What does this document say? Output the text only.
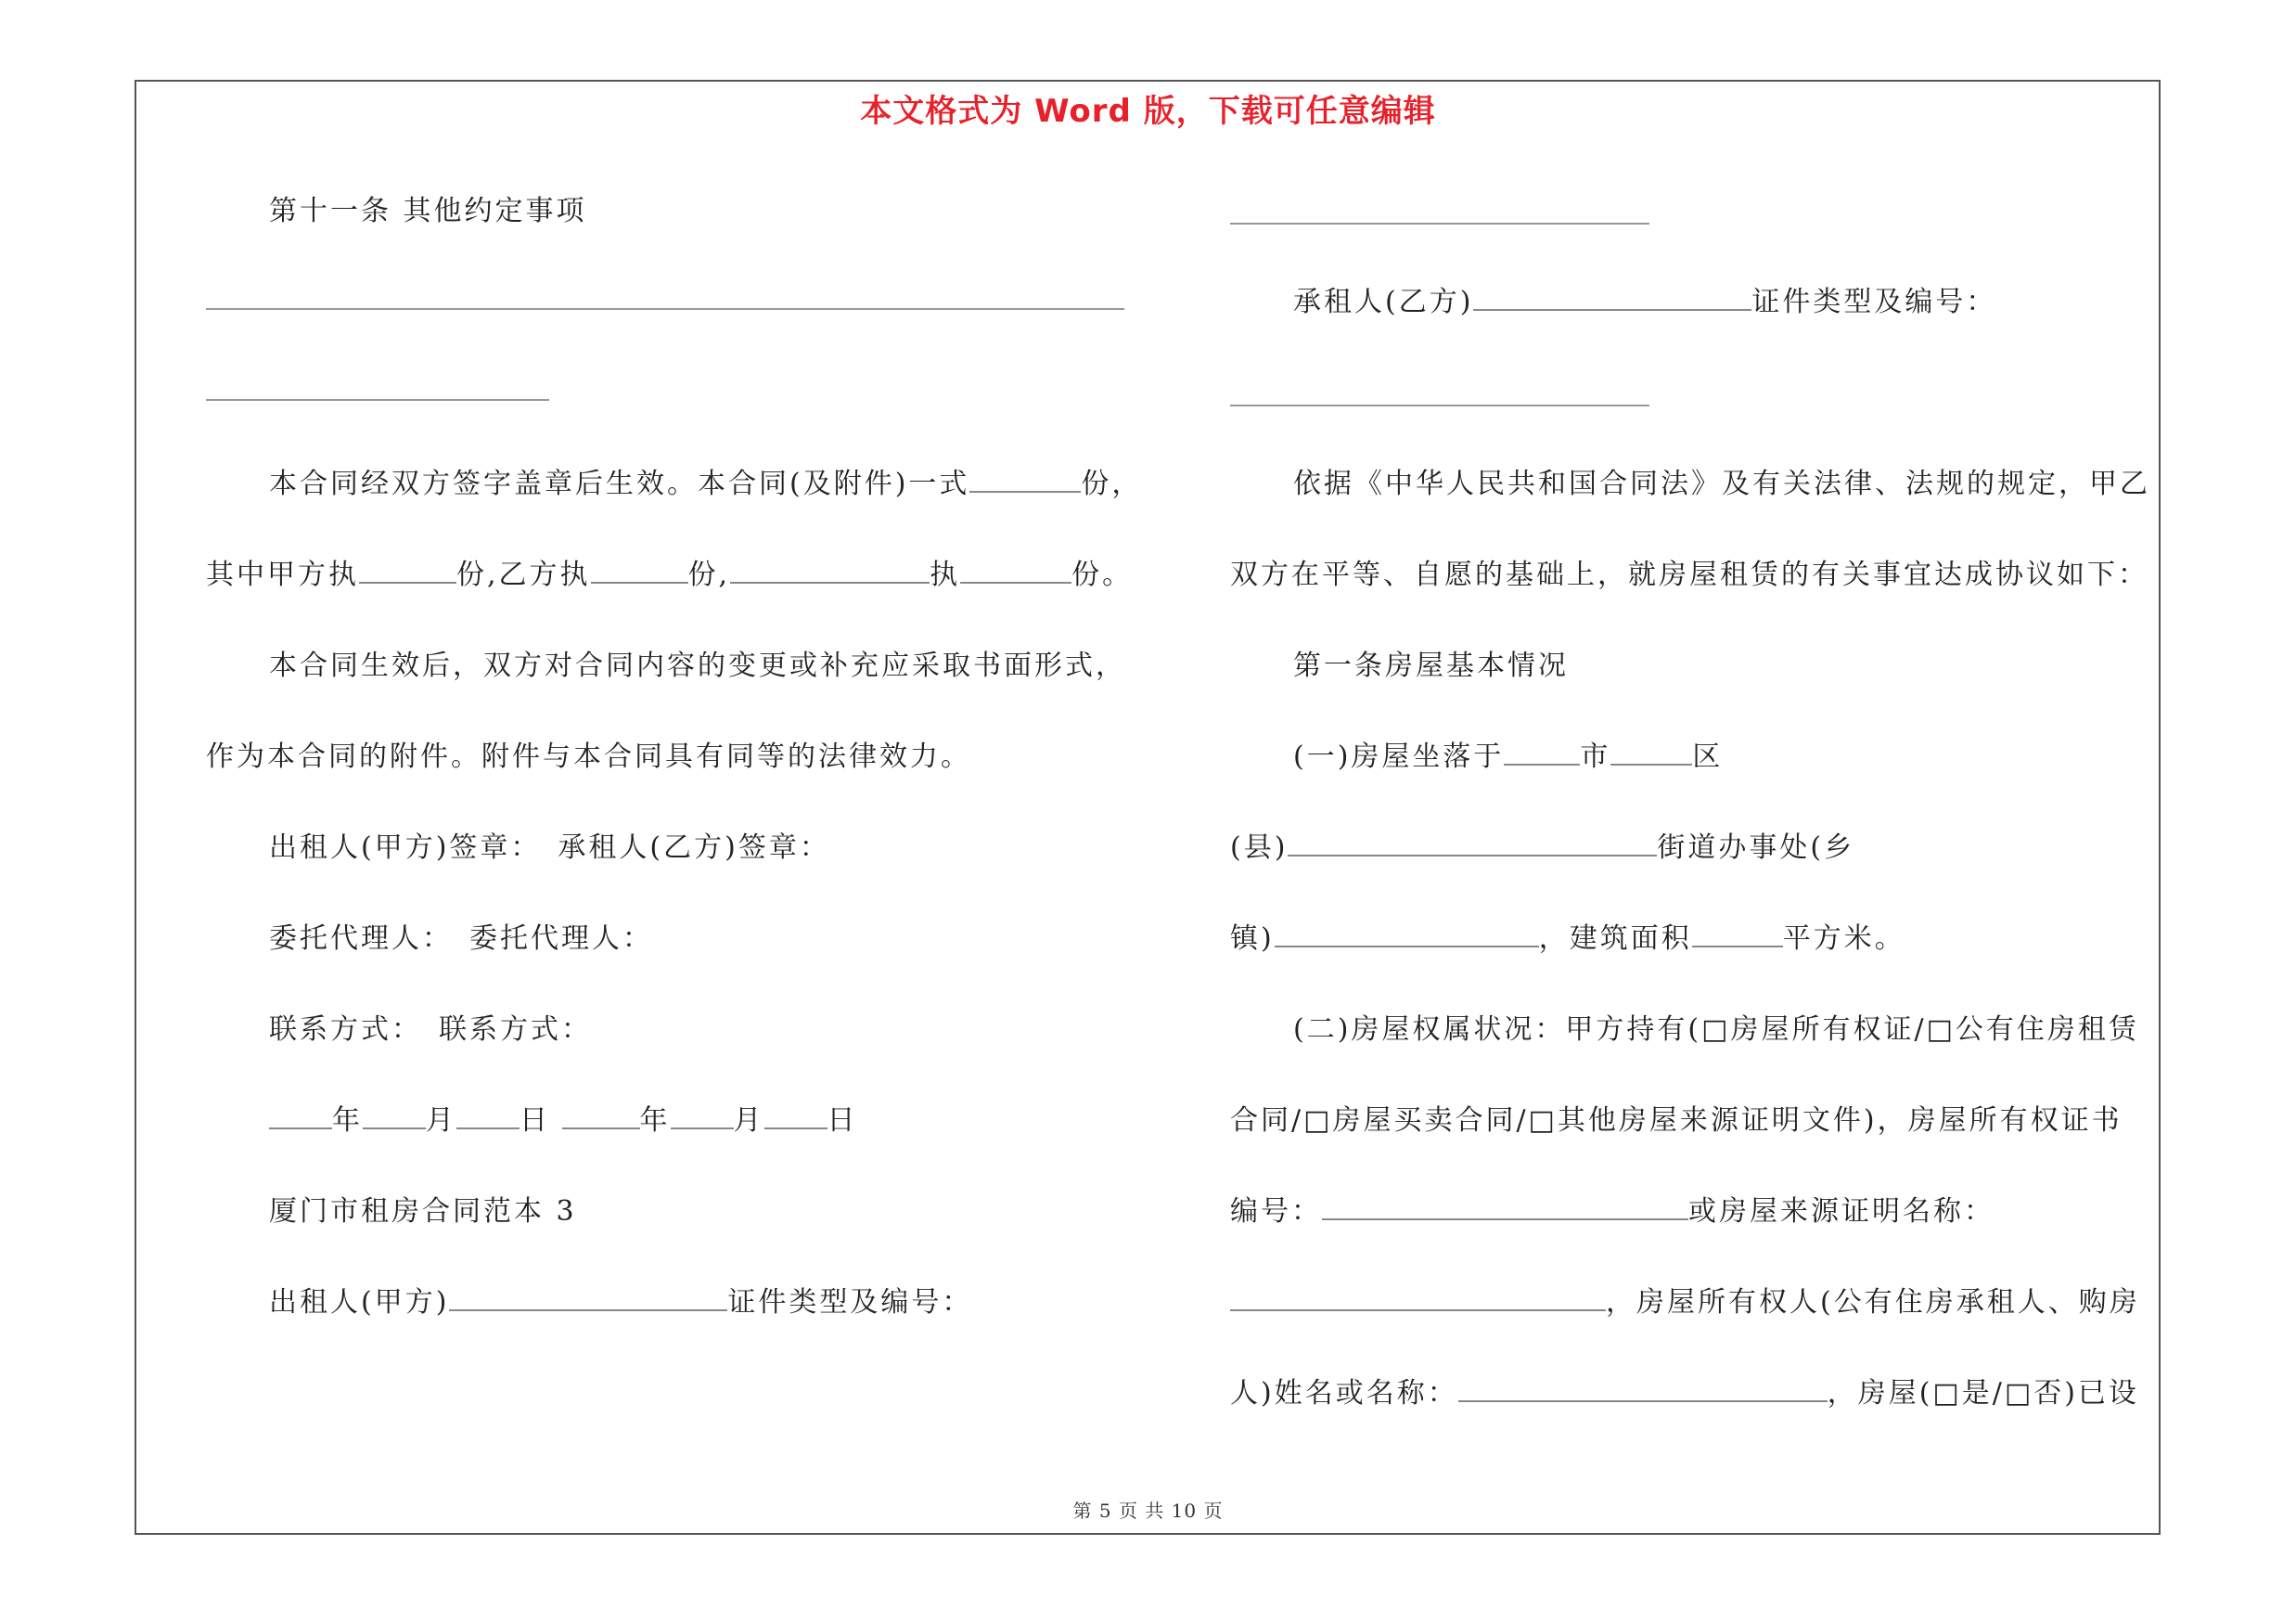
本文格式为 Word 版，下载可任意编辑
第十一条 其他约定事项
本合同经双方签字盖章后生效。本合同(及附件)一式	份，
其中甲方执	份,乙方执	份,	执	份。
本合同生效后，双方对合同内容的变更或补充应采取书面形式，
作为本合同的附件。附件与本合同具有同等的法律效力。
出租人(甲方)签章：　承租人(乙方)签章：
委托代理人：　委托代理人：
联系方式：　联系方式：
年 月 日	年 月 日
厦门市租房合同范本 3
出租人(甲方)	证件类型及编号：
承租人(乙方)	证件类型及编号：
依据《中华人民共和国合同法》及有关法律、法规的规定，甲乙
双方在平等、自愿的基础上，就房屋租赁的有关事宜达成协议如下：
第一条房屋基本情况
(一)房屋坐落于	市	区
(县)	街道办事处(乡
镇)	，建筑面积	平方米。
(二)房屋权属状况：甲方持有(□房屋所有权证/□公有住房租赁
合同/□房屋买卖合同/□其他房屋来源证明文件)，房屋所有权证书
编号：	或房屋来源证明名称：
，房屋所有权人(公有住房承租人、购房
人)姓名或名称：	，房屋(□是/□否)已设
第 5 页 共 10 页
